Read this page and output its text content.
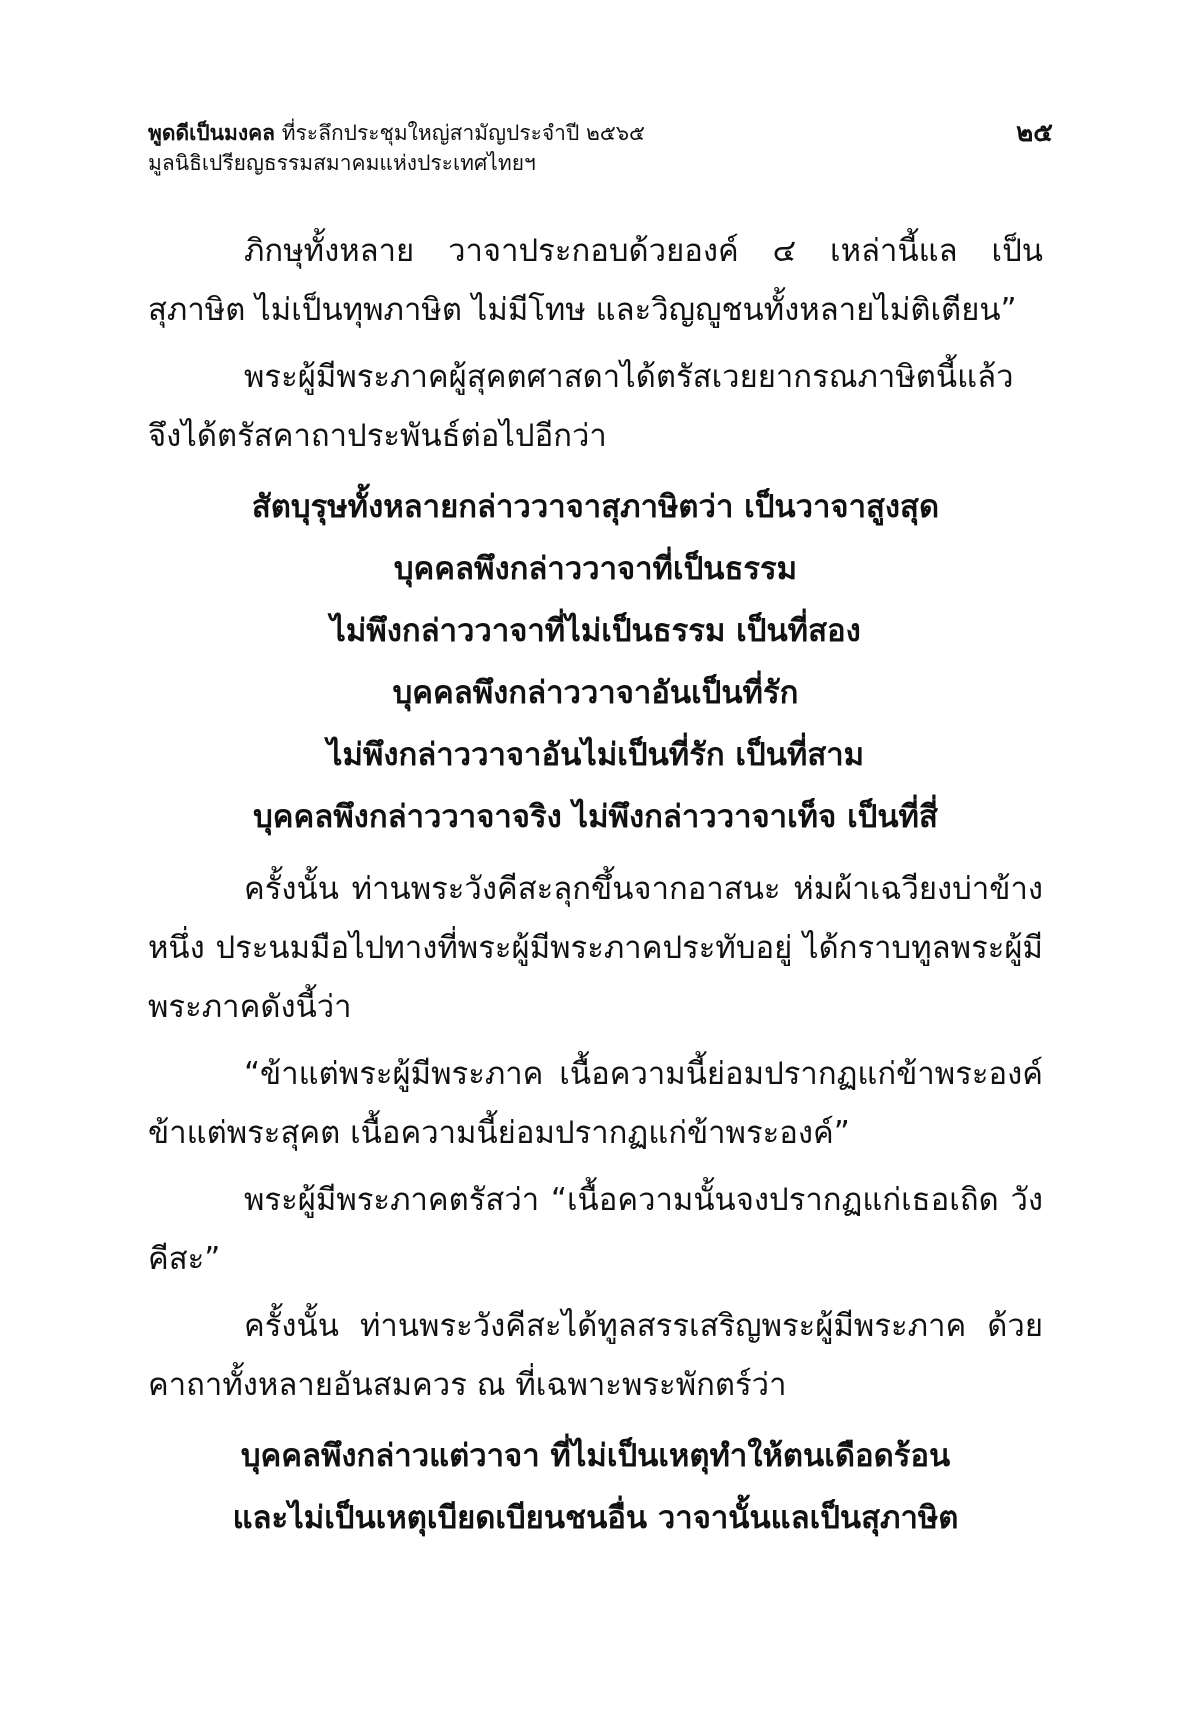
พูดดีเป็นมงคล ที่ระลึกประชุมใหญ่สามัญประจำปี ๒๕๖๕
มูลนิธิเปรียญธรรมสมาคมแห่งประเทศไทยฯ
๒๕

ภิกษุทั้งหลาย วาจาประกอบด้วยองค์ ๔ เหล่านี้แล เป็นสุภาษิต ไม่เป็นทุพภาษิต ไม่มีโทษ และวิญญูชนทั้งหลายไม่ติเตียน”

พระผู้มีพระภาคผู้สุคตศาสดาได้ตรัสเวยยากรณภาษิตนี้แล้ว จึงได้ตรัสคาถาประพันธ์ต่อไปอีกว่า

สัตบุรุษทั้งหลายกล่าววาจาสุภาษิตว่า เป็นวาจาสูงสุด
บุคคลพึงกล่าววาจาที่เป็นธรรม
ไม่พึงกล่าววาจาที่ไม่เป็นธรรม เป็นที่สอง
บุคคลพึงกล่าววาจาอันเป็นที่รัก
ไม่พึงกล่าววาจาอันไม่เป็นที่รัก เป็นที่สาม
บุคคลพึงกล่าววาจาจริง ไม่พึงกล่าววาจาเท็จ เป็นที่สี่

ครั้งนั้น ท่านพระวังคีสะลุกขึ้นจากอาสนะ ห่มผ้าเฉวียงบ่าข้างหนึ่ง ประนมมือไปทางที่พระผู้มีพระภาคประทับอยู่ ได้กราบทูลพระผู้มีพระภาคดังนี้ว่า

“ข้าแต่พระผู้มีพระภาค เนื้อความนี้ย่อมปรากฏแก่ข้าพระองค์ ข้าแต่พระสุคต เนื้อความนี้ย่อมปรากฏแก่ข้าพระองค์”

พระผู้มีพระภาคตรัสว่า “เนื้อความนั้นจงปรากฏแก่เธอเถิด วังคีสะ”

ครั้งนั้น ท่านพระวังคีสะได้ทูลสรรเสริญพระผู้มีพระภาค ด้วยคาถาทั้งหลายอันสมควร ณ ที่เฉพาะพระพักตร์ว่า

บุคคลพึงกล่าวแต่วาจา ที่ไม่เป็นเหตุทำให้ตนเดือดร้อน
และไม่เป็นเหตุเบียดเบียนชนอื่น วาจานั้นแลเป็นสุภาษิต
